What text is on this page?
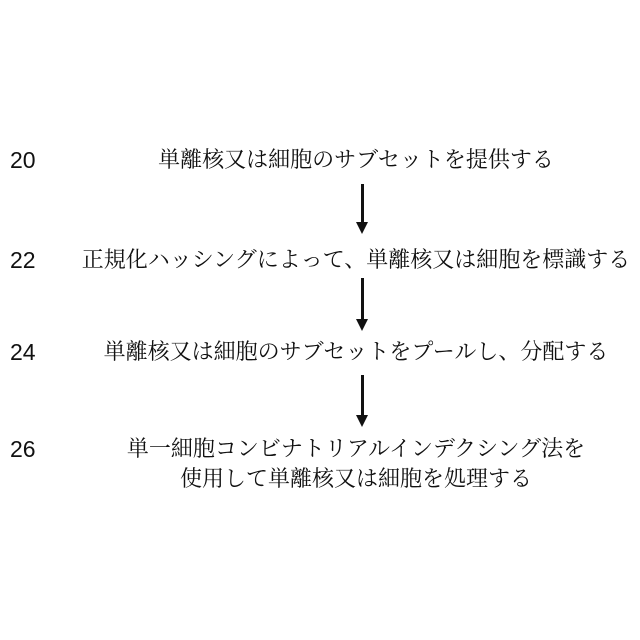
20	単離核又は細胞のサブセットを提供する
22 正規化ハッシングによって、単離核又は細胞を標識する
24	単離核又は細胞のサブセットをプールし、分配する
26	単一細胞コンビナトリアルインデクシング法を
使用して単離核又は細胞を処理する
